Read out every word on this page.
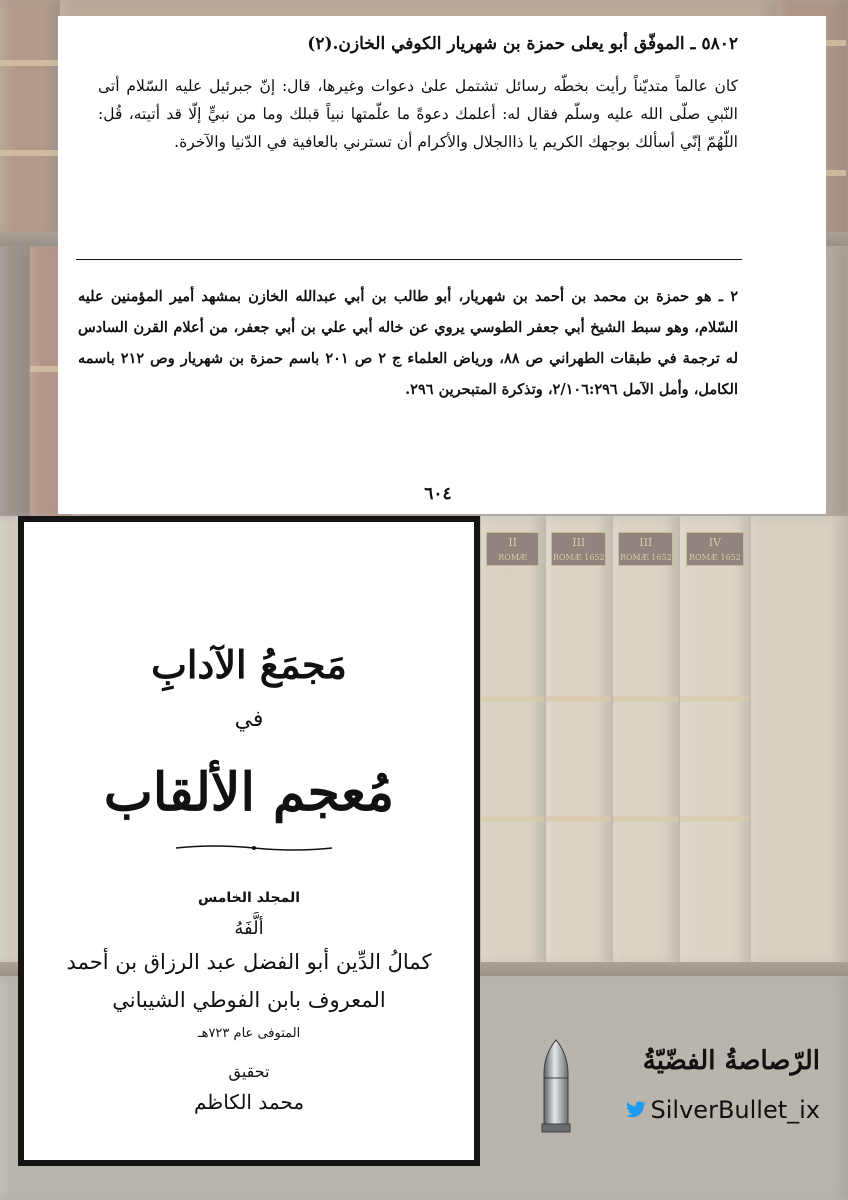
٥٨٠٢ ـ الموفّق أبو يعلى حمزة بن شهريار الكوفي الخازن.(٢)
كان عالماً متديّناً رأيت بخطّه رسائل تشتمل علىٰ دعوات وغيرها، قال: إنّ جبرئيل عليه السّلام أتى النّبي صلّى الله عليه وسلّم فقال له: أعلمك دعوةً ما علّمتها نبياً قبلك وما من نبيٍّ إلّا قد أتيته، قُل: اللّهُمّ إنّي أسألك بوجهك الكريم يا ذاالجلال والأكرام أن تسترني بالعافية في الدّنيا والآخرة.
٢ ـ هو حمزة بن محمد بن أحمد بن شهريار، أبو طالب بن أبي عبدالله الخازن بمشهد أمير المؤمنين عليه السّلام، وهو سبط الشيخ أبي جعفر الطوسي يروي عن خاله أبي علي بن أبي جعفر، من أعلام القرن السادس له ترجمة في طبقات الطهراني ص ٨٨، ورياض العلماء ج ٢ ص ٢٠١ باسم حمزة بن شهريار وص ٢١٢ باسمه الكامل، وأمل الآمل ٢/١٠٦:٢٩٦، وتذكرة المتبحرين ٢٩٦.
٦٠٤
مَجمَعُ الآدابِ
في
مُعجم الألقاب
المجلد الخامس
ألَّفَهُ
كمالُ الدِّين أبو الفضل عبد الرزاق بن أحمد
المعروف بابن الفوطي الشيباني
المتوفى عام ٧٢٣هـ
تحقيق
محمد الكاظم
الرّصاصةُ الفضّيّةُ
SilverBullet_ix
